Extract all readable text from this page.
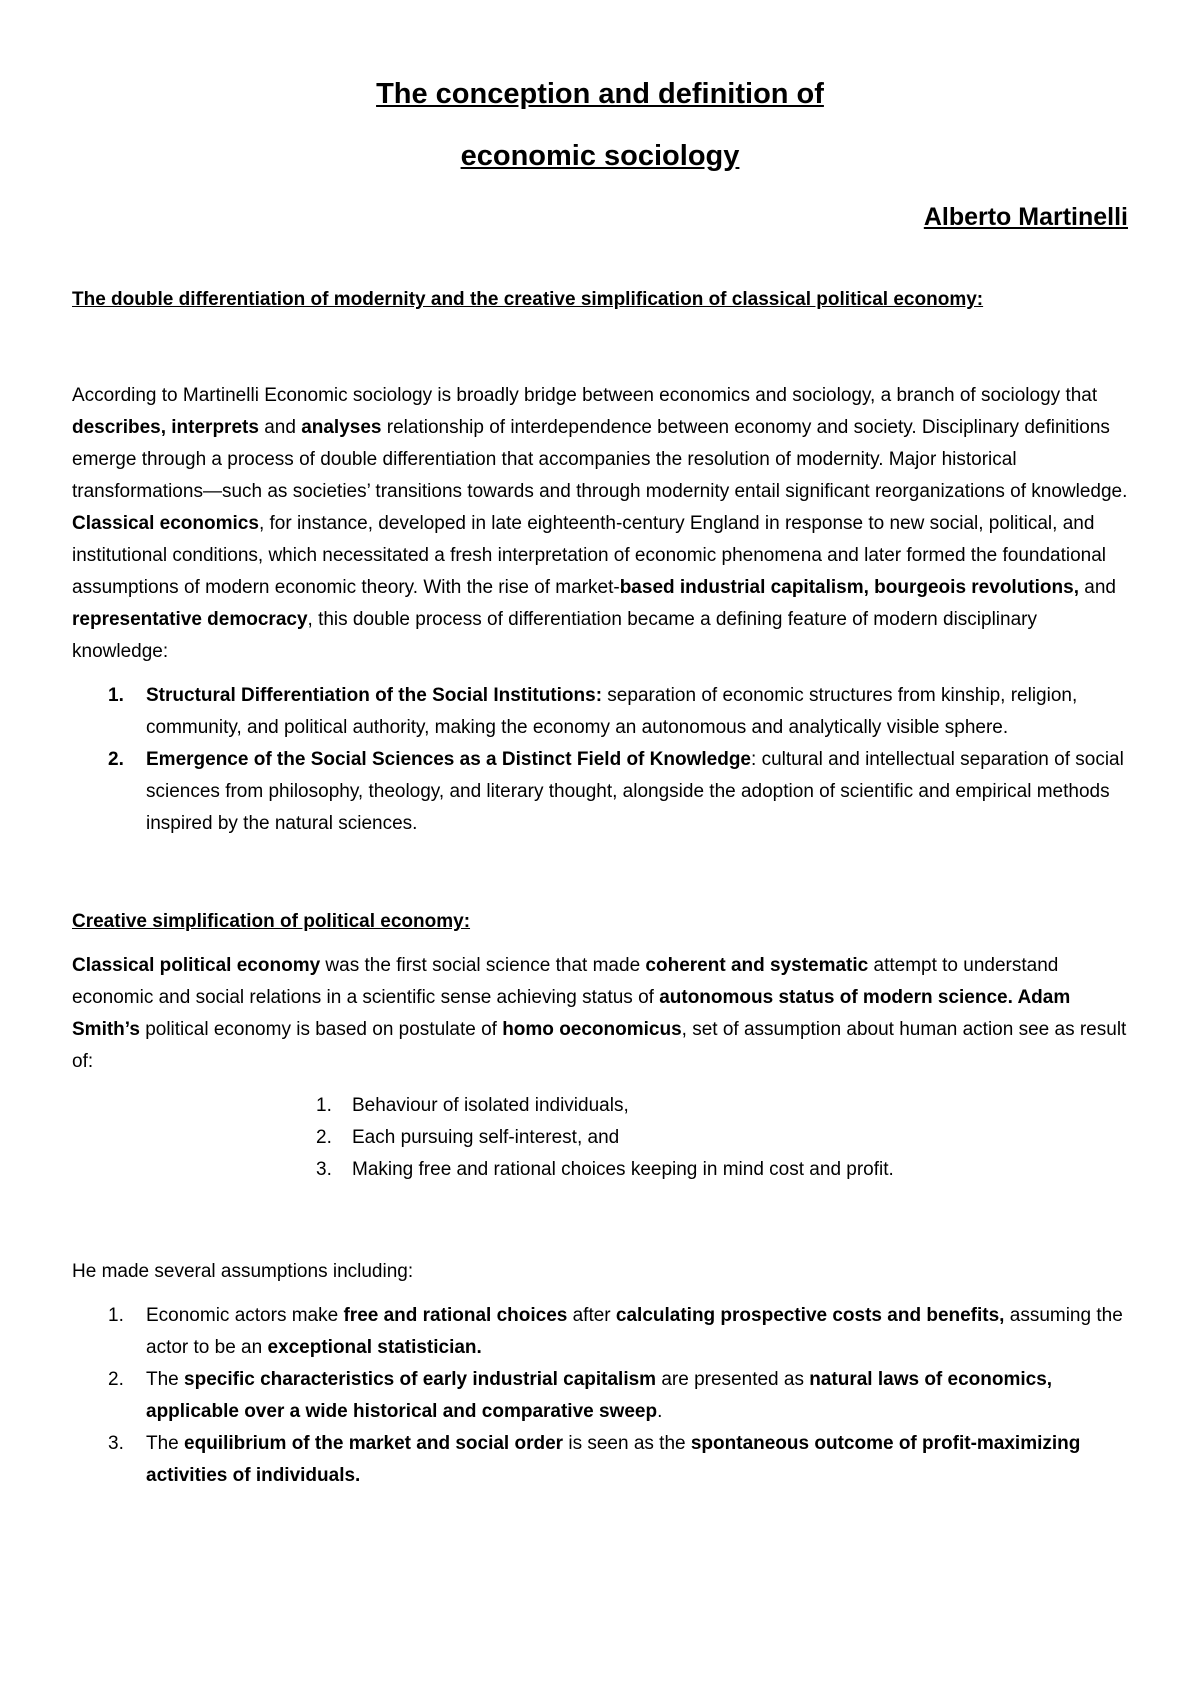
The conception and definition of
economic sociology
Alberto Martinelli
The double differentiation of modernity and the creative simplification of classical political economy:

According to Martinelli Economic sociology is broadly bridge between economics and sociology, a branch of sociology that describes, interprets and analyses relationship of interdependence between economy and society. Disciplinary definitions emerge through a process of double differentiation that accompanies the resolution of modernity. Major historical transformations—such as societies’ transitions towards and through modernity entail significant reorganizations of knowledge. Classical economics, for instance, developed in late eighteenth-century England in response to new social, political, and institutional conditions, which necessitated a fresh interpretation of economic phenomena and later formed the foundational assumptions of modern economic theory. With the rise of market-based industrial capitalism, bourgeois revolutions, and representative democracy, this double process of differentiation became a defining feature of modern disciplinary knowledge:

1. Structural Differentiation of the Social Institutions: separation of economic structures from kinship, religion, community, and political authority, making the economy an autonomous and analytically visible sphere.
2. Emergence of the Social Sciences as a Distinct Field of Knowledge: cultural and intellectual separation of social sciences from philosophy, theology, and literary thought, alongside the adoption of scientific and empirical methods inspired by the natural sciences.
Creative simplification of political economy:

Classical political economy was the first social science that made coherent and systematic attempt to understand economic and social relations in a scientific sense achieving status of autonomous status of modern science. Adam Smith’s political economy is based on postulate of homo oeconomicus, set of assumption about human action see as result of:

1. Behaviour of isolated individuals,
2. Each pursuing self-interest, and
3. Making free and rational choices keeping in mind cost and profit.

He made several assumptions including:

1. Economic actors make free and rational choices after calculating prospective costs and benefits, assuming the actor to be an exceptional statistician.
2. The specific characteristics of early industrial capitalism are presented as natural laws of economics, applicable over a wide historical and comparative sweep.
3. The equilibrium of the market and social order is seen as the spontaneous outcome of profit-maximizing activities of individuals.
